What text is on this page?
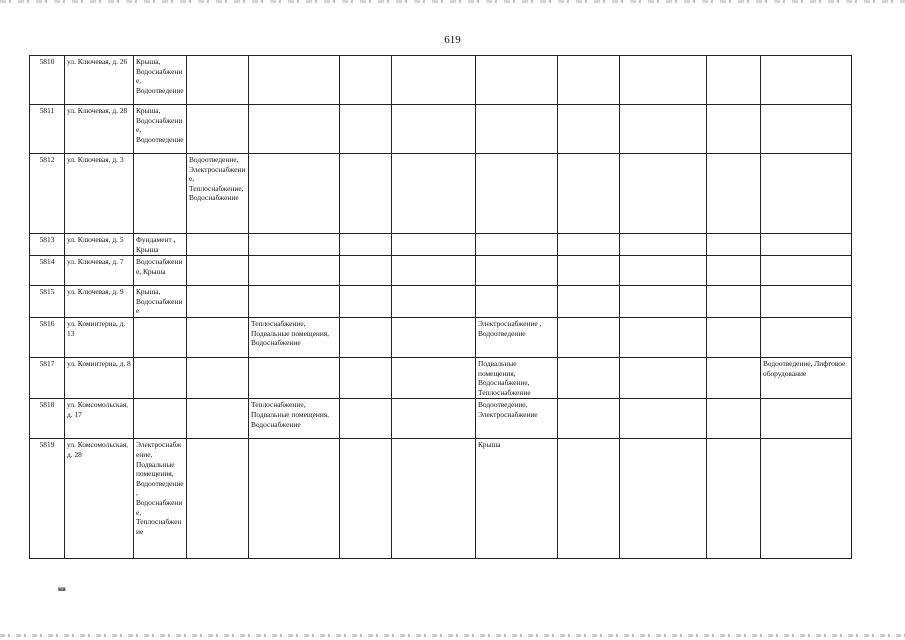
619
5810	ул. Ключевая, д. 26	Крыша, Водоснабжение, Водоотведение									
5811	ул. Ключевая, д. 28	Крыша, Водоснабжение, Водоотведение									
5812	ул. Ключевая, д. 3		Водоотведение, Электроснабжение, Теплоснабжение, Водоснабжение								
5813	ул. Ключевая, д. 5	Фундамент , Крыша									
5814	ул. Ключевая, д. 7	Водоснабжение, Крыша									
5815	ул. Ключевая, д. 9	Крыша, Водоснабжение									
5816	ул. Коминтерна, д. 13			Теплоснабжение, Подвальные помещения, Водоснабжение			Электроснабжение , Водоотведение				
5817	ул. Коминтерна, д. 8						Подвальные помещения, Водоснабжение, Теплоснабжение				Водоотведение, Лифтовое оборудование
5818	ул. Комсомольская, д. 17			Теплоснабжение, Подвальные помещения, Водоснабжение			Водоотведение, Электроснабжение				
5819	ул. Комсомольская, д. 28	Электроснабжение, Подвальные помещения, Водоотведение, Водоснабжение, Теплоснабжение					Крыша				
нв
